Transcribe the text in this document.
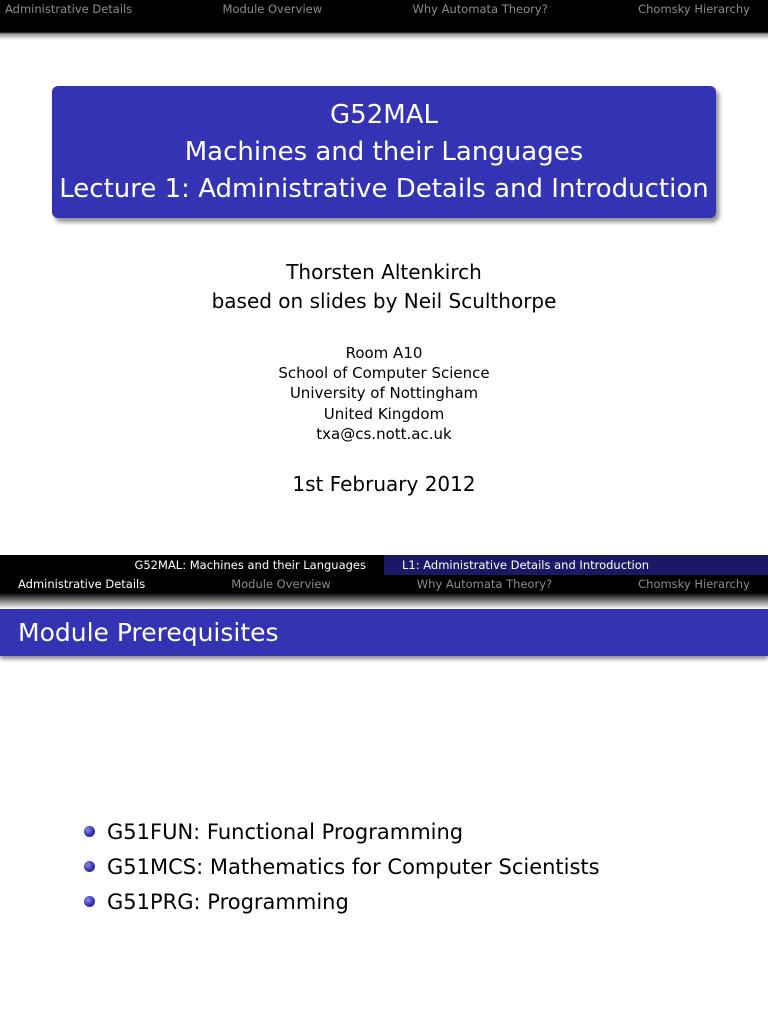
Administrative Details	Module Overview	Why Automata Theory?	Chomsky Hierarchy
G52MAL
Machines and their Languages
Lecture 1: Administrative Details and Introduction
Thorsten Altenkirch
based on slides by Neil Sculthorpe
Room A10
School of Computer Science
University of Nottingham
United Kingdom
txa@cs.nott.ac.uk
1st February 2012
G52MAL: Machines and their Languages	L1: Administrative Details and Introduction
Administrative Details	Module Overview	Why Automata Theory?	Chomsky Hierarchy
Module Prerequisites
G51FUN: Functional Programming
G51MCS: Mathematics for Computer Scientists
G51PRG: Programming
